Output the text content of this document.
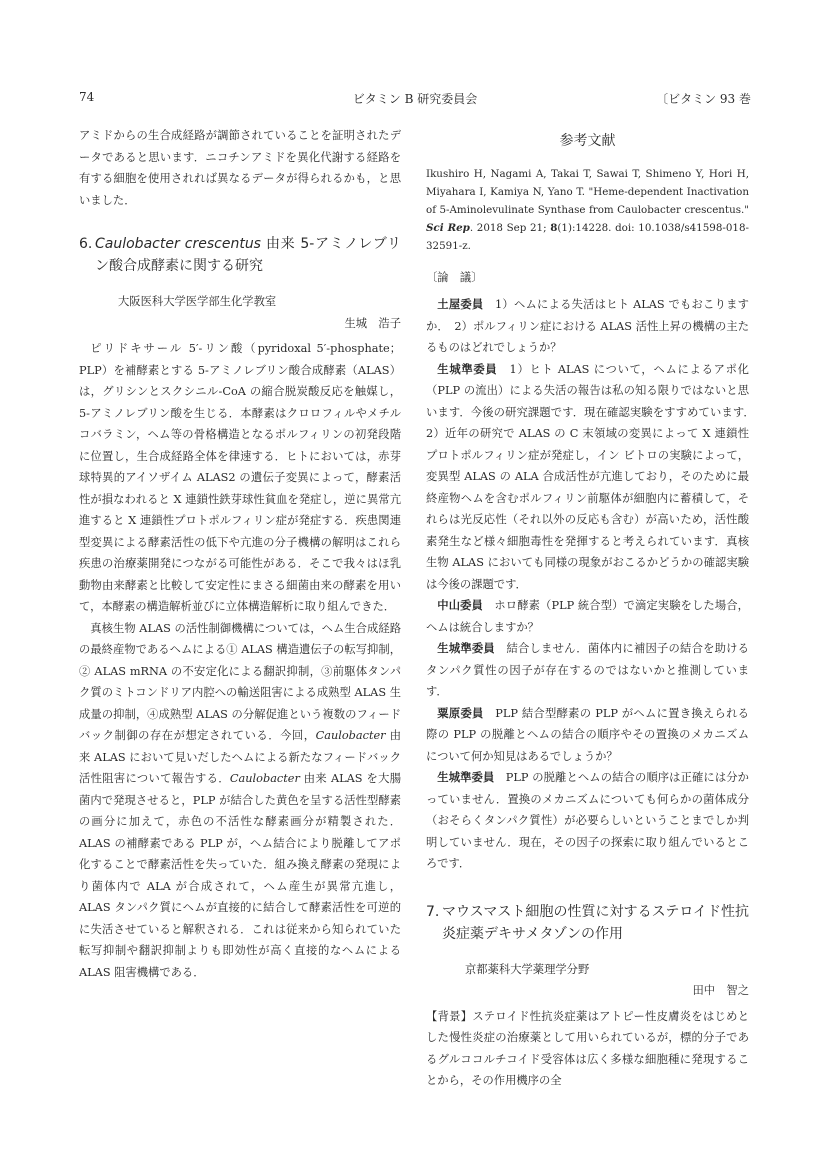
74	ビタミン B 研究委員会	〔ビタミン 93 巻

アミドからの生合成経路が調節されていることを証明されたデータであると思います．ニコチンアミドを異化代謝する経路を有する細胞を使用されれば異なるデータが得られるかも，と思いました．

6. Caulobacter crescentus 由来 5-アミノレブリン酸合成酵素に関する研究

大阪医科大学医学部生化学教室

生城　浩子

ピリドキサール 5′-リン酸（pyridoxal 5′-phosphate；PLP）を補酵素とする 5-アミノレブリン酸合成酵素（ALAS）は，グリシンとスクシニル-CoA の縮合脱炭酸反応を触媒し，5-アミノレブリン酸を生じる．本酵素はクロロフィルやメチルコバラミン，ヘム等の骨格構造となるポルフィリンの初発段階に位置し，生合成経路全体を律速する．ヒトにおいては，赤芽球特異的アイソザイム ALAS2 の遺伝子変異によって，酵素活性が損なわれると X 連鎖性鉄芽球性貧血を発症し，逆に異常亢進すると X 連鎖性プロトポルフィリン症が発症する．疾患関連型変異による酵素活性の低下や亢進の分子機構の解明はこれら疾患の治療薬開発につながる可能性がある．そこで我々はほ乳動物由来酵素と比較して安定性にまさる細菌由来の酵素を用いて，本酵素の構造解析並びに立体構造解析に取り組んできた．

真核生物 ALAS の活性制御機構については，ヘム生合成経路の最終産物であるヘムによる① ALAS 構造遺伝子の転写抑制，② ALAS mRNA の不安定化による翻訳抑制，③前駆体タンパク質のミトコンドリア内腔への輸送阻害による成熟型 ALAS 生成量の抑制，④成熟型 ALAS の分解促進という複数のフィードバック制御の存在が想定されている．今回，Caulobacter 由来 ALAS において見いだしたヘムによる新たなフィードバック活性阻害について報告する．Caulobacter 由来 ALAS を大腸菌内で発現させると，PLP が結合した黄色を呈する活性型酵素の画分に加えて，赤色の不活性な酵素画分が精製された．ALAS の補酵素である PLP が，ヘム結合により脱離してアポ化することで酵素活性を失っていた．組み換え酵素の発現により菌体内で ALA が合成されて，ヘム産生が異常亢進し，ALAS タンパク質にヘムが直接的に結合して酵素活性を可逆的に失活させていると解釈される．これは従来から知られていた転写抑制や翻訳抑制よりも即効性が高く直接的なヘムによる ALAS 阻害機構である．

参考文献

Ikushiro H, Nagami A, Takai T, Sawai T, Shimeno Y, Hori H, Miyahara I, Kamiya N, Yano T. "Heme-dependent Inactivation of 5-Aminolevulinate Synthase from Caulobacter crescentus." Sci Rep. 2018 Sep 21; 8(1):14228. doi: 10.1038/s41598-018-32591-z.

〔論　議〕

土屋委員　 1）ヘムによる失活はヒト ALAS でもおこりますか．　2）ポルフィリン症における ALAS 活性上昇の機構の主たるものはどれでしょうか？

生城準委員　 1）ヒト ALAS について，ヘムによるアポ化（PLP の流出）による失活の報告は私の知る限りではないと思います．今後の研究課題です．現在確認実験をすすめています．　2）近年の研究で ALAS の C 末領域の変異によって X 連鎖性プロトポルフィリン症が発症し，イン ビトロの実験によって，変異型 ALAS の ALA 合成活性が亢進しており，そのために最終産物ヘムを含むポルフィリン前駆体が細胞内に蓄積して，それらは光反応性（それ以外の反応も含む）が高いため，活性酸素発生など様々細胞毒性を発揮すると考えられています．真核生物 ALAS においても同様の現象がおこるかどうかの確認実験は今後の課題です．

中山委員　 ホロ酵素（PLP 統合型）で滴定実験をした場合，ヘムは統合しますか？

生城準委員　 結合しません．菌体内に補因子の結合を助けるタンパク質性の因子が存在するのではないかと推測しています．

粟原委員　 PLP 結合型酵素の PLP がヘムに置き換えられる際の PLP の脱離とヘムの結合の順序やその置換のメカニズムについて何か知見はあるでしょうか？

生城準委員　 PLP の脱離とヘムの結合の順序は正確には分かっていません．置換のメカニズムについても何らかの菌体成分（おそらくタンパク質性）が必要らしいということまでしか判明していません．現在，その因子の探索に取り組んでいるところです．

7. マウスマスト細胞の性質に対するステロイド性抗炎症薬デキサメタゾンの作用

京都薬科大学薬理学分野

田中　智之

【背景】ステロイド性抗炎症薬はアトピー性皮膚炎をはじめとした慢性炎症の治療薬として用いられているが，標的分子であるグルココルチコイド受容体は広く多様な細胞種に発現することから，その作用機序の全
